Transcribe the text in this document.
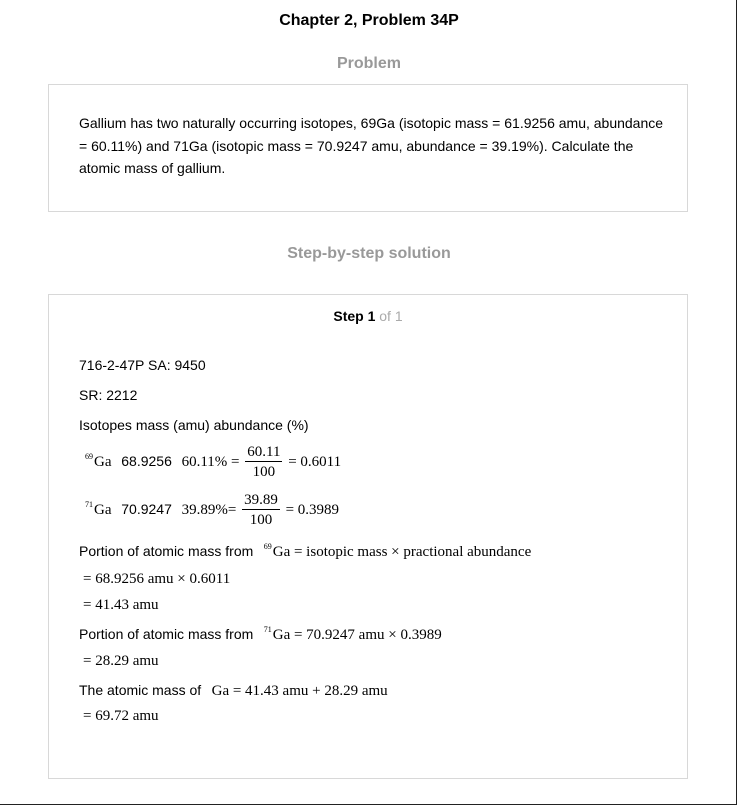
Chapter 2, Problem 34P
Problem
Gallium has two naturally occurring isotopes, 69Ga (isotopic mass = 61.9256 amu, abundance = 60.11%) and 71Ga (isotopic mass = 70.9247 amu, abundance = 39.19%). Calculate the atomic mass of gallium.
Step-by-step solution
Step 1 of 1
716-2-47P SA: 9450
SR: 2212
Isotopes mass (amu) abundance (%)
$^{69}$Ga 68.9256 $60.11\% = \frac{60.11}{100} = 0.6011$
$^{71}$Ga 70.9247 $39.89\%= \frac{39.89}{100} = 0.3989$
Portion of atomic mass from $^{69}$Ga = isotopic mass × practional abundance
= 68.9256 amu × 0.6011
= 41.43 amu
Portion of atomic mass from $^{71}$Ga = 70.9247 amu × 0.3989
= 28.29 amu
The atomic mass of Ga = 41.43 amu + 28.29 amu
= 69.72 amu
